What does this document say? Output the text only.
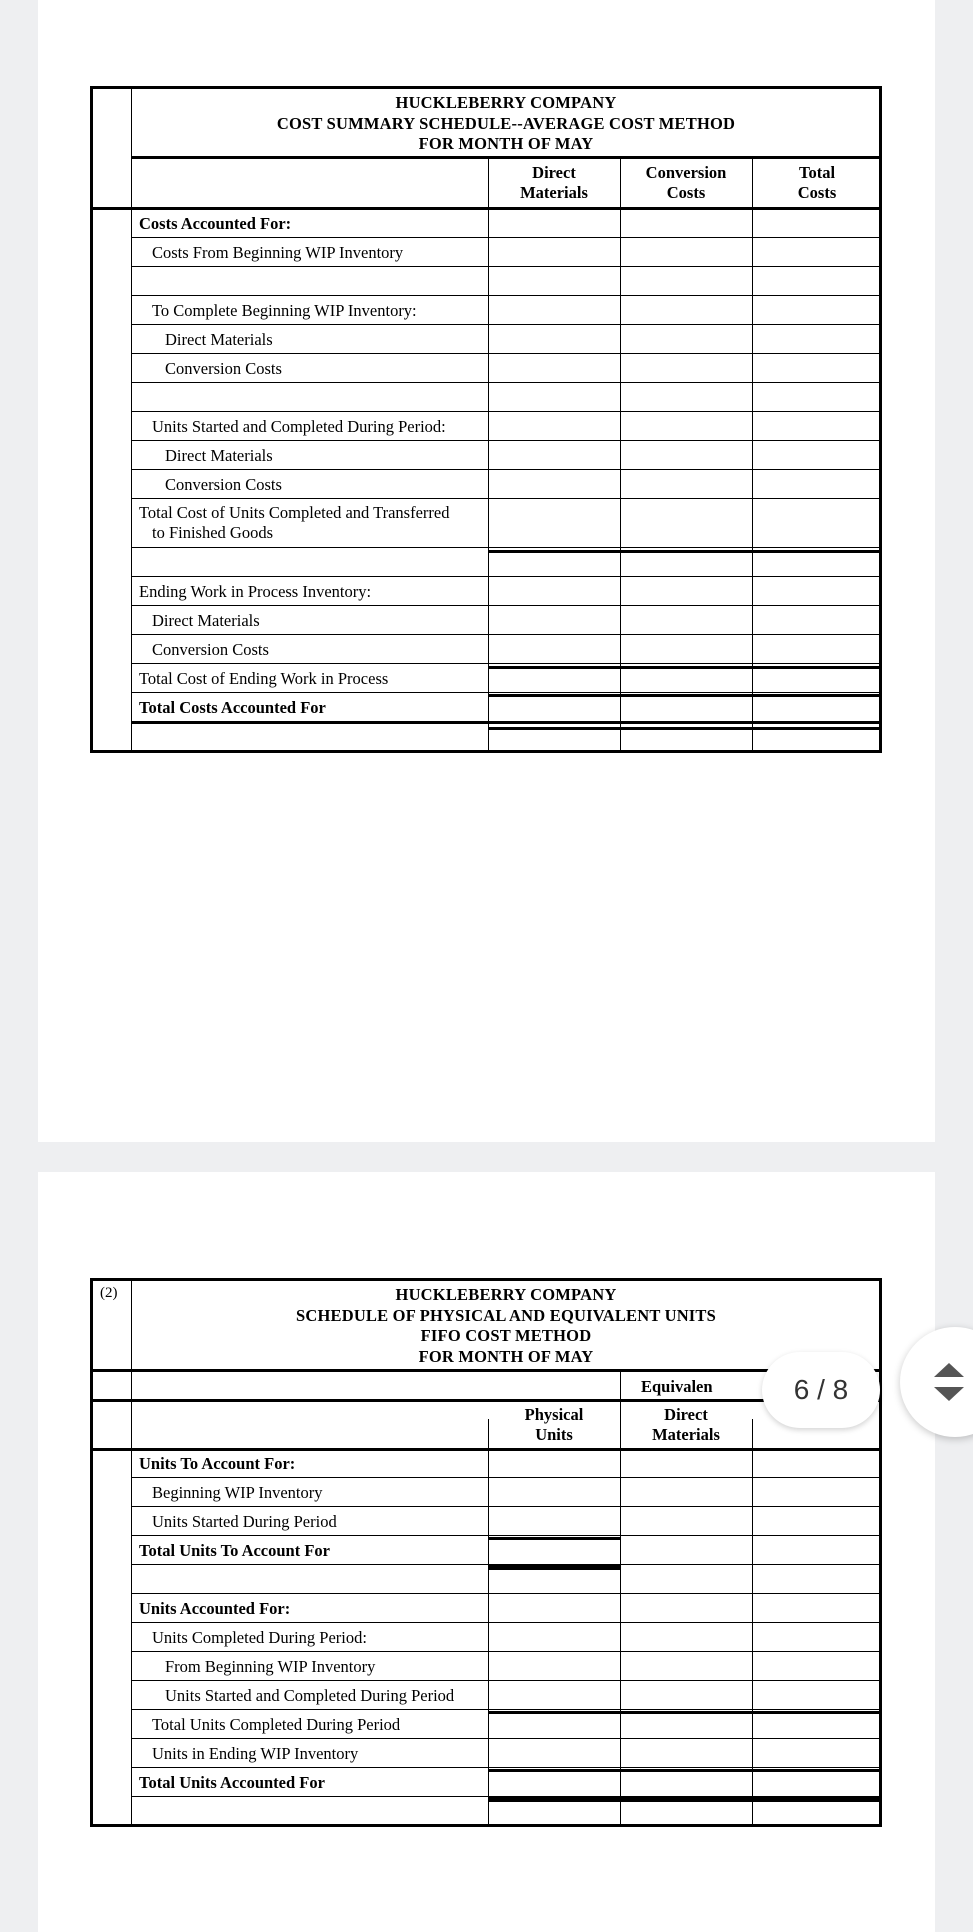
HUCKLEBERRY COMPANY
COST SUMMARY SCHEDULE--AVERAGE COST METHOD
FOR MONTH OF MAY
Direct
Materials
Conversion
Costs
Total
Costs
Costs Accounted For:
Costs From Beginning WIP Inventory
To Complete Beginning WIP Inventory:
Direct Materials
Conversion Costs
Units Started and Completed During Period:
Direct Materials
Conversion Costs
Total Cost of Units Completed and Transferred
to Finished Goods
Ending Work in Process Inventory:
Direct Materials
Conversion Costs
Total Cost of Ending Work in Process
Total Costs Accounted For
(2)	HUCKLEBERRY COMPANY
SCHEDULE OF PHYSICAL AND EQUIVALENT UNITS
FIFO COST METHOD
FOR MONTH OF MAY
Equivalen
Physical
Units
Direct
Materials
Units To Account For:
Beginning WIP Inventory
Units Started During Period
Total Units To Account For
Units Accounted For:
Units Completed During Period:
From Beginning WIP Inventory
Units Started and Completed During Period
Total Units Completed During Period
Units in Ending WIP Inventory
Total Units Accounted For
6 / 8
